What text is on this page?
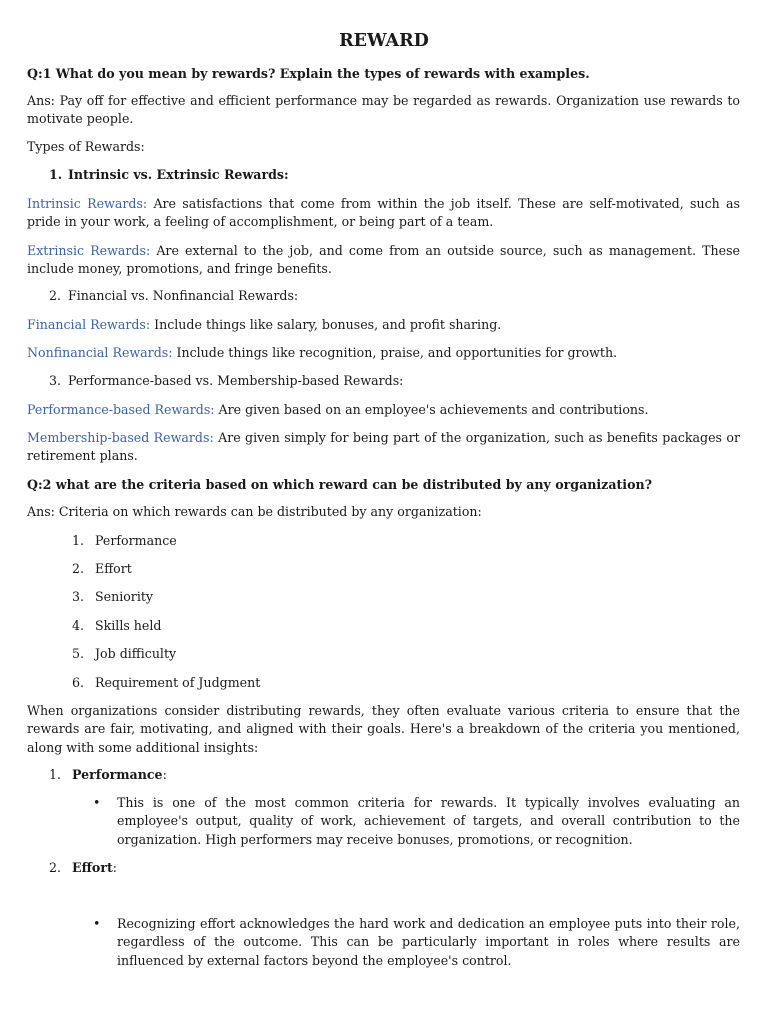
REWARD

Q:1 What do you mean by rewards? Explain the types of rewards with examples.

Ans: Pay off for effective and efficient performance may be regarded as rewards. Organization use rewards to motivate people.

Types of Rewards:

1. Intrinsic vs. Extrinsic Rewards:

Intrinsic Rewards: Are satisfactions that come from within the job itself. These are self-motivated, such as pride in your work, a feeling of accomplishment, or being part of a team.

Extrinsic Rewards: Are external to the job, and come from an outside source, such as management. These include money, promotions, and fringe benefits.

2. Financial vs. Nonfinancial Rewards:

Financial Rewards: Include things like salary, bonuses, and profit sharing.

Nonfinancial Rewards: Include things like recognition, praise, and opportunities for growth.

3. Performance-based vs. Membership-based Rewards:

Performance-based Rewards: Are given based on an employee's achievements and contributions.

Membership-based Rewards: Are given simply for being part of the organization, such as benefits packages or retirement plans.

Q:2 what are the criteria based on which reward can be distributed by any organization?

Ans: Criteria on which rewards can be distributed by any organization:

1. Performance

2. Effort

3. Seniority

4. Skills held

5. Job difficulty

6. Requirement of Judgment

When organizations consider distributing rewards, they often evaluate various criteria to ensure that the rewards are fair, motivating, and aligned with their goals. Here's a breakdown of the criteria you mentioned, along with some additional insights:

1. Performance:

• This is one of the most common criteria for rewards. It typically involves evaluating an employee's output, quality of work, achievement of targets, and overall contribution to the organization. High performers may receive bonuses, promotions, or recognition.

2. Effort:

• Recognizing effort acknowledges the hard work and dedication an employee puts into their role, regardless of the outcome. This can be particularly important in roles where results are influenced by external factors beyond the employee's control.
